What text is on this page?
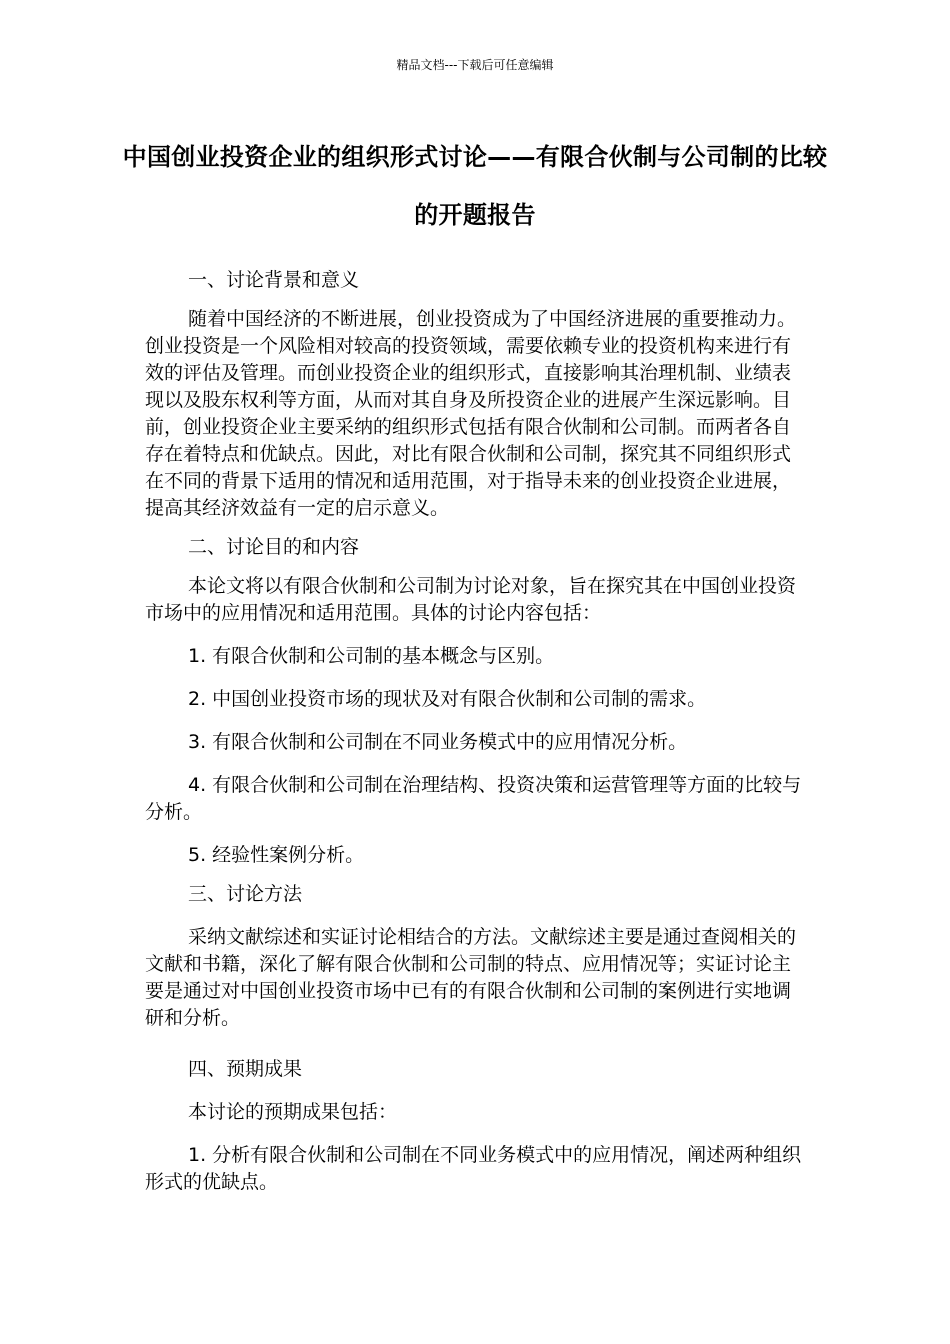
精品文档---下载后可任意编辑
中国创业投资企业的组织形式讨论——有限合伙制与公司制的比较的开题报告

一、讨论背景和意义

随着中国经济的不断进展，创业投资成为了中国经济进展的重要推动力。 创业投资是一个风险相对较高的投资领域，需要依赖专业的投资机构来进行有效的评估及管理。而创业投资企业的组织形式，直接影响其治理机制、业绩表现以及股东权利等方面，从而对其自身及所投资企业的进展产生深远影响。目前，创业投资企业主要采纳的组织形式包括有限合伙制和公司制。而两者各自存在着特点和优缺点。因此，对比有限合伙制和公司制，探究其不同组织形式在不同的背景下适用的情况和适用范围，对于指导未来的创业投资企业进展，提高其经济效益有一定的启示意义。

二、讨论目的和内容

本论文将以有限合伙制和公司制为讨论对象，旨在探究其在中国创业投资市场中的应用情况和适用范围。具体的讨论内容包括：

1. 有限合伙制和公司制的基本概念与区别。

2. 中国创业投资市场的现状及对有限合伙制和公司制的需求。

3. 有限合伙制和公司制在不同业务模式中的应用情况分析。

4. 有限合伙制和公司制在治理结构、投资决策和运营管理等方面的比较与分析。

5. 经验性案例分析。

三、讨论方法

采纳文献综述和实证讨论相结合的方法。文献综述主要是通过查阅相关的文献和书籍，深化了解有限合伙制和公司制的特点、应用情况等；实证讨论主要是通过对中国创业投资市场中已有的有限合伙制和公司制的案例进行实地调研和分析。

四、预期成果

本讨论的预期成果包括：

1. 分析有限合伙制和公司制在不同业务模式中的应用情况，阐述两种组织形式的优缺点。
